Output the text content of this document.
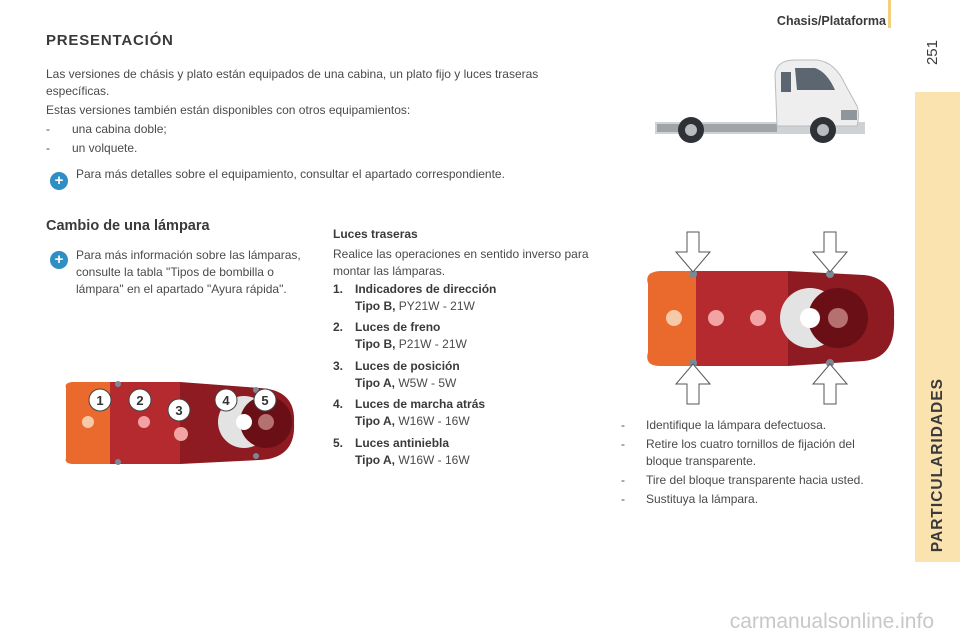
Chasis/Plataforma
251
PARTICULARIDADES
PRESENTACIÓN
Las versiones de chásis y plato están equipados de una cabina, un plato fijo y luces traseras específicas.
Estas versiones también están disponibles con otros equipamientos:
- una cabina doble;
- un volquete.
+	Para más detalles sobre el equipamiento, consultar el apartado correspondiente.
Cambio de una lámpara
+	Para más información sobre las lámparas, consulte la tabla "Tipos de bombilla o lámpara" en el apartado "Ayura rápida".
1	2
3
4 5
Luces traseras
Realice las operaciones en sentido inverso para montar las lámparas.
1. Indicadores de dirección
Tipo B, PY21W - 21W
2. Luces de freno
Tipo B, P21W - 21W
3. Luces de posición
Tipo A, W5W - 5W
4. Luces de marcha atrás
Tipo A, W16W - 16W
5. Luces antiniebla
Tipo A, W16W - 16W
-	Identifique la lámpara defectuosa.
-	Retire los cuatro tornillos de fijación del bloque transparente.
-	Tire del bloque transparente hacia usted.
-	Sustituya la lámpara.
carmanualsonline.info
